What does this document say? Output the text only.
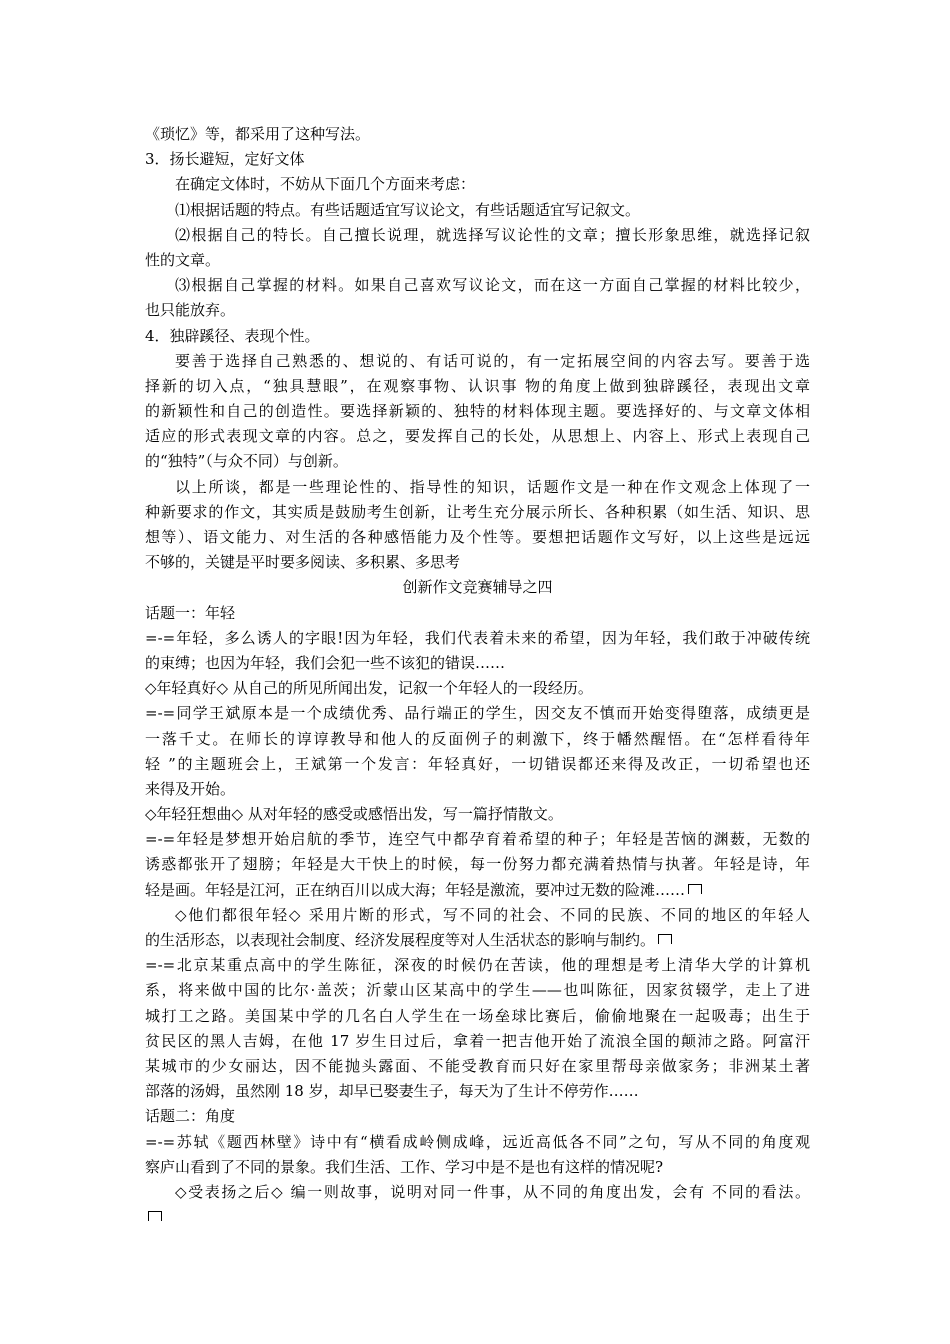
《琐忆》等，都采用了这种写法。
3．扬长避短，定好文体
在确定文体时，不妨从下面几个方面来考虑：
⑴根据话题的特点。有些话题适宜写议论文，有些话题适宜写记叙文。
⑵根据自己的特长。自己擅长说理，就选择写议论性的文章；擅长形象思维，就选择记叙
性的文章。
⑶根据自己掌握的材料。如果自己喜欢写议论文，而在这一方面自己掌握的材料比较少，
也只能放弃。
4．独辟蹊径、表现个性。
要善于选择自己熟悉的、想说的、有话可说的，有一定拓展空间的内容去写。要善于选
择新的切入点，“独具慧眼”，在观察事物、认识事 物的角度上做到独辟蹊径，表现出文章
的新颖性和自己的创造性。要选择新颖的、独特的材料体现主题。要选择好的、与文章文体相
适应的形式表现文章的内容。总之，要发挥自己的长处，从思想上、内容上、形式上表现自己
的“独特”（与众不同）与创新。
以上所谈，都是一些理论性的、指导性的知识，话题作文是一种在作文观念上体现了一
种新要求的作文，其实质是鼓励考生创新，让考生充分展示所长、各种积累（如生活、知识、思
想等）、语文能力、对生活的各种感悟能力及个性等。要想把话题作文写好，以上这些是远远
不够的，关键是平时要多阅读、多积累、多思考
创新作文竞赛辅导之四
话题一：年轻
=-=年轻，多么诱人的字眼!因为年轻，我们代表着未来的希望，因为年轻，我们敢于冲破传统
的束缚；也因为年轻，我们会犯一些不该犯的错误……
◇年轻真好◇ 从自己的所见所闻出发，记叙一个年轻人的一段经历。
=-=同学王斌原本是一个成绩优秀、品行端正的学生，因交友不慎而开始变得堕落，成绩更是
一落千丈。在师长的谆谆教导和他人的反面例子的刺激下，终于幡然醒悟。在“怎样看待年
轻 ”的主题班会上，王斌第一个发言：年轻真好，一切错误都还来得及改正，一切希望也还
来得及开始。
◇年轻狂想曲◇ 从对年轻的感受或感悟出发，写一篇抒情散文。
=-=年轻是梦想开始启航的季节，连空气中都孕育着希望的种子；年轻是苦恼的渊薮，无数的
诱惑都张开了翅膀；年轻是大干快上的时候，每一份努力都充满着热情与执著。年轻是诗，年
轻是画。年轻是江河，正在纳百川以成大海；年轻是激流，要冲过无数的险滩……
◇他们都很年轻◇ 采用片断的形式，写不同的社会、不同的民族、不同的地区的年轻人
的生活形态，以表现社会制度、经济发展程度等对人生活状态的影响与制约。
=-=北京某重点高中的学生陈征，深夜的时候仍在苦读，他的理想是考上清华大学的计算机
系，将来做中国的比尔·盖茨；沂蒙山区某高中的学生——也叫陈征，因家贫辍学，走上了进
城打工之路。美国某中学的几名白人学生在一场垒球比赛后，偷偷地聚在一起吸毒；出生于
贫民区的黑人吉姆，在他 17 岁生日过后，拿着一把吉他开始了流浪全国的颠沛之路。阿富汗
某城市的少女丽达，因不能抛头露面、不能受教育而只好在家里帮母亲做家务；非洲某土著
部落的汤姆，虽然刚 18 岁，却早已娶妻生子，每天为了生计不停劳作……
话题二：角度
=-=苏轼《题西林壁》诗中有“横看成岭侧成峰，远近高低各不同”之句，写从不同的角度观
察庐山看到了不同的景象。我们生活、工作、学习中是不是也有这样的情况呢?
◇受表扬之后◇ 编一则故事，说明对同一件事，从不同的角度出发，会有 不同的看法。
